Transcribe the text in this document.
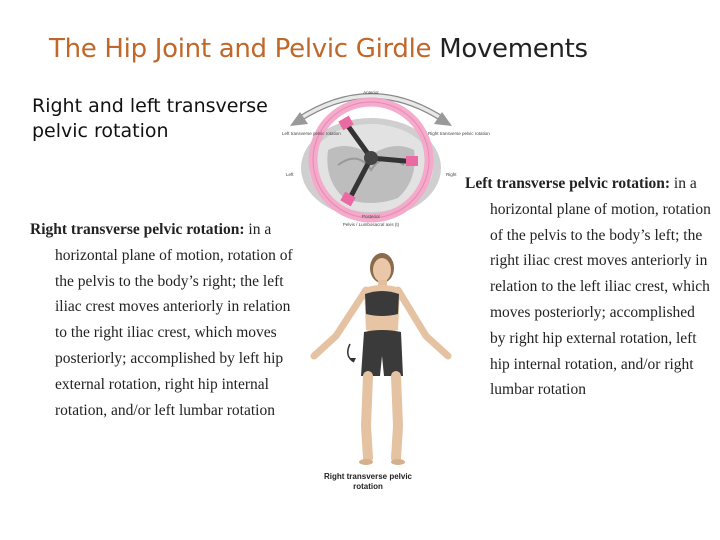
The Hip Joint and Pelvic Girdle Movements
Right and left transverse pelvic rotation
Anterior
Left transverse pelvic rotation	Right transverse pelvic rotation
Left	Right
Posterior
Pelvis / Lumbosacral axis (t)
Right transverse pelvic rotation
Left transverse pelvic rotation: in a horizontal plane of motion, rotation of the pelvis to the body’s left; the right iliac crest moves anteriorly in relation to the left iliac crest, which moves posteriorly; accomplished by right hip external rotation, left hip internal rotation, and/or right lumbar rotation
Right transverse pelvic rotation: in a horizontal plane of motion, rotation of the pelvis to the body’s right; the left iliac crest moves anteriorly in relation to the right iliac crest, which moves posteriorly; accomplished by left hip external rotation, right hip internal rotation, and/or left lumbar rotation
